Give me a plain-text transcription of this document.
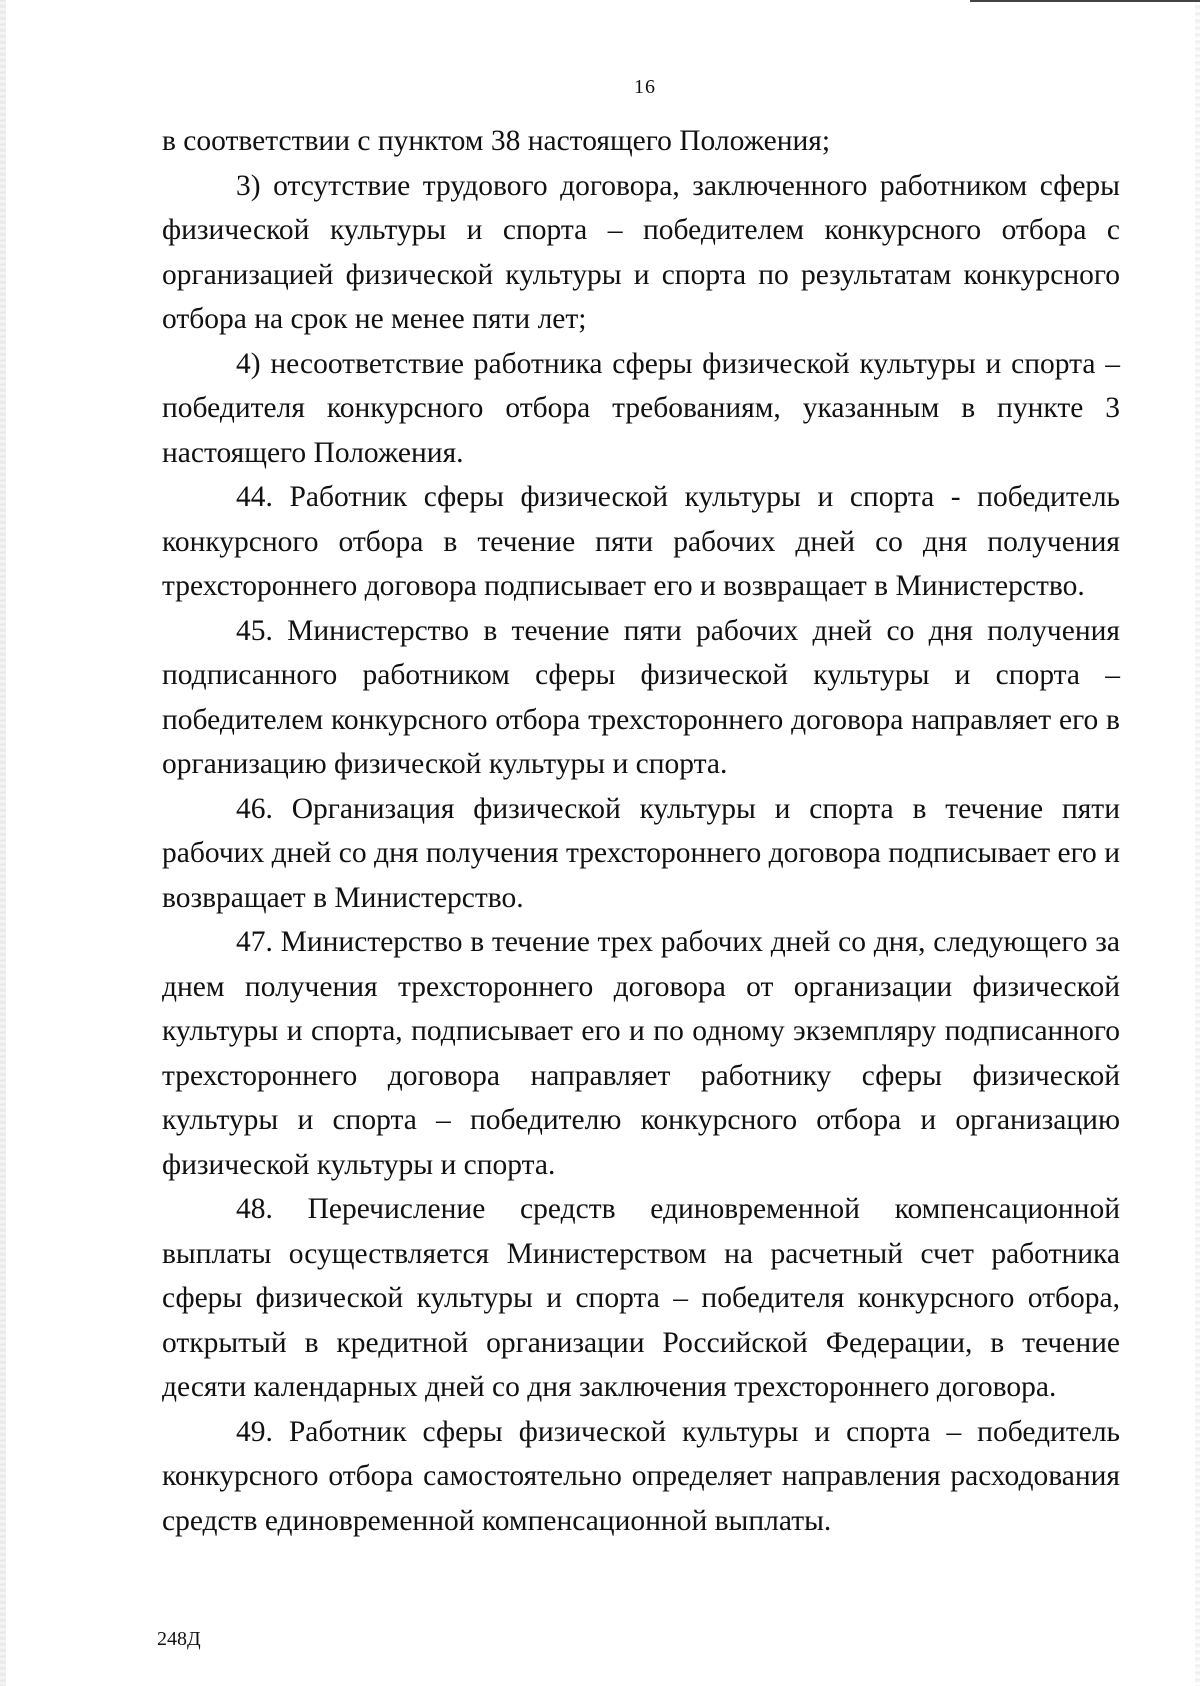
16

в соответствии с пунктом 38 настоящего Положения;

3) отсутствие трудового договора, заключенного работником сферы физической культуры и спорта – победителем конкурсного отбора с организацией физической культуры и спорта по результатам конкурсного отбора на срок не менее пяти лет;

4) несоответствие работника сферы физической культуры и спорта – победителя конкурсного отбора требованиям, указанным в пункте 3 настоящего Положения.

44. Работник сферы физической культуры и спорта - победитель конкурсного отбора в течение пяти рабочих дней со дня получения трехстороннего договора подписывает его и возвращает в Министерство.

45. Министерство в течение пяти рабочих дней со дня получения подписанного работником сферы физической культуры и спорта – победителем конкурсного отбора трехстороннего договора направляет его в организацию физической культуры и спорта.

46. Организация физической культуры и спорта в течение пяти рабочих дней со дня получения трехстороннего договора подписывает его и возвращает в Министерство.

47. Министерство в течение трех рабочих дней со дня, следующего за днем получения трехстороннего договора от организации физической культуры и спорта, подписывает его и по одному экземпляру подписанного трехстороннего договора направляет работнику сферы физической культуры и спорта – победителю конкурсного отбора и организацию физической культуры и спорта.

48. Перечисление средств единовременной компенсационной выплаты осуществляется Министерством на расчетный счет работника сферы физической культуры и спорта – победителя конкурсного отбора, открытый в кредитной организации Российской Федерации, в течение десяти календарных дней со дня заключения трехстороннего договора.

49. Работник сферы физической культуры и спорта – победитель конкурсного отбора самостоятельно определяет направления расходования средств единовременной компенсационной выплаты.

248Д
